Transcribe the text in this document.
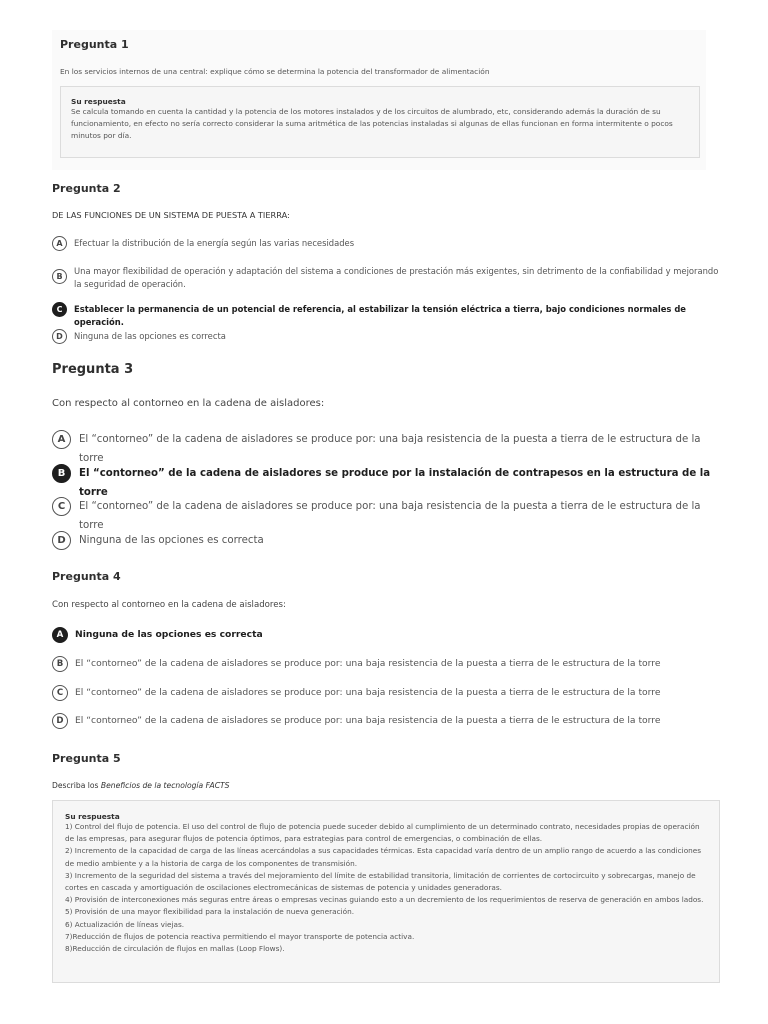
Pregunta 1

En los servicios internos de una central: explique cómo se determina la potencia del transformador de alimentación

Su respuesta
Se calcula tomando en cuenta la cantidad y la potencia de los motores instalados y de los circuitos de alumbrado, etc, considerando además la duración de su funcionamiento, en efecto no sería correcto considerar la suma aritmética de las potencias instaladas si algunas de ellas funcionan en forma intermitente o pocos minutos por día.
Pregunta 2

DE LAS FUNCIONES DE UN SISTEMA DE PUESTA A TIERRA:

A	Efectuar la distribución de la energía según las varias necesidades
B
Una mayor flexibilidad de operación y adaptación del sistema a condiciones de prestación más exigentes, sin detrimento de la confiabilidad y mejorando la seguridad de operación.
C	Establecer la permanencia de un potencial de referencia, al estabilizar la tensión eléctrica a tierra, bajo condiciones normales de operación.
D	Ninguna de las opciones es correcta
Pregunta 3

Con respecto al contorneo en la cadena de aisladores:

A	El “contorneo” de la cadena de aisladores se produce por: una baja resistencia de la puesta a tierra de le estructura de la torre
B	El “contorneo” de la cadena de aisladores se produce por la instalación de contrapesos en la estructura de la torre
C	El “contorneo” de la cadena de aisladores se produce por: una baja resistencia de la puesta a tierra de le estructura de la torre
D	Ninguna de las opciones es correcta
Pregunta 4

Con respecto al contorneo en la cadena de aisladores:

A	Ninguna de las opciones es correcta
B	El “contorneo” de la cadena de aisladores se produce por: una baja resistencia de la puesta a tierra de le estructura de la torre
C	El “contorneo” de la cadena de aisladores se produce por: una baja resistencia de la puesta a tierra de le estructura de la torre
D	El “contorneo” de la cadena de aisladores se produce por: una baja resistencia de la puesta a tierra de le estructura de la torre
Pregunta 5

Describa los Beneficios de la tecnología FACTS

Su respuesta
1) Control del flujo de potencia. El uso del control de flujo de potencia puede suceder debido al cumplimiento de un determinado contrato, necesidades propias de operación de las empresas, para asegurar flujos de potencia óptimos, para estrategias para control de emergencias, o combinación de ellas.
2) Incremento de la capacidad de carga de las líneas acercándolas a sus capacidades térmicas. Esta capacidad varía dentro de un amplio rango de acuerdo a las condiciones de medio ambiente y a la historia de carga de los componentes de transmisión.
3) Incremento de la seguridad del sistema a través del mejoramiento del límite de estabilidad transitoria, limitación de corrientes de cortocircuito y sobrecargas, manejo de cortes en cascada y amortiguación de oscilaciones electromecánicas de sistemas de potencia y unidades generadoras.
4) Provisión de interconexiones más seguras entre áreas o empresas vecinas guiando esto a un decremiento de los requerimientos de reserva de generación en ambos lados.
5) Provisión de una mayor flexibilidad para la instalación de nueva generación.
6) Actualización de líneas viejas.
7)Reducción de flujos de potencia reactiva permitiendo el mayor transporte de potencia activa.
8)Reducción de circulación de flujos en mallas (Loop Flows).
